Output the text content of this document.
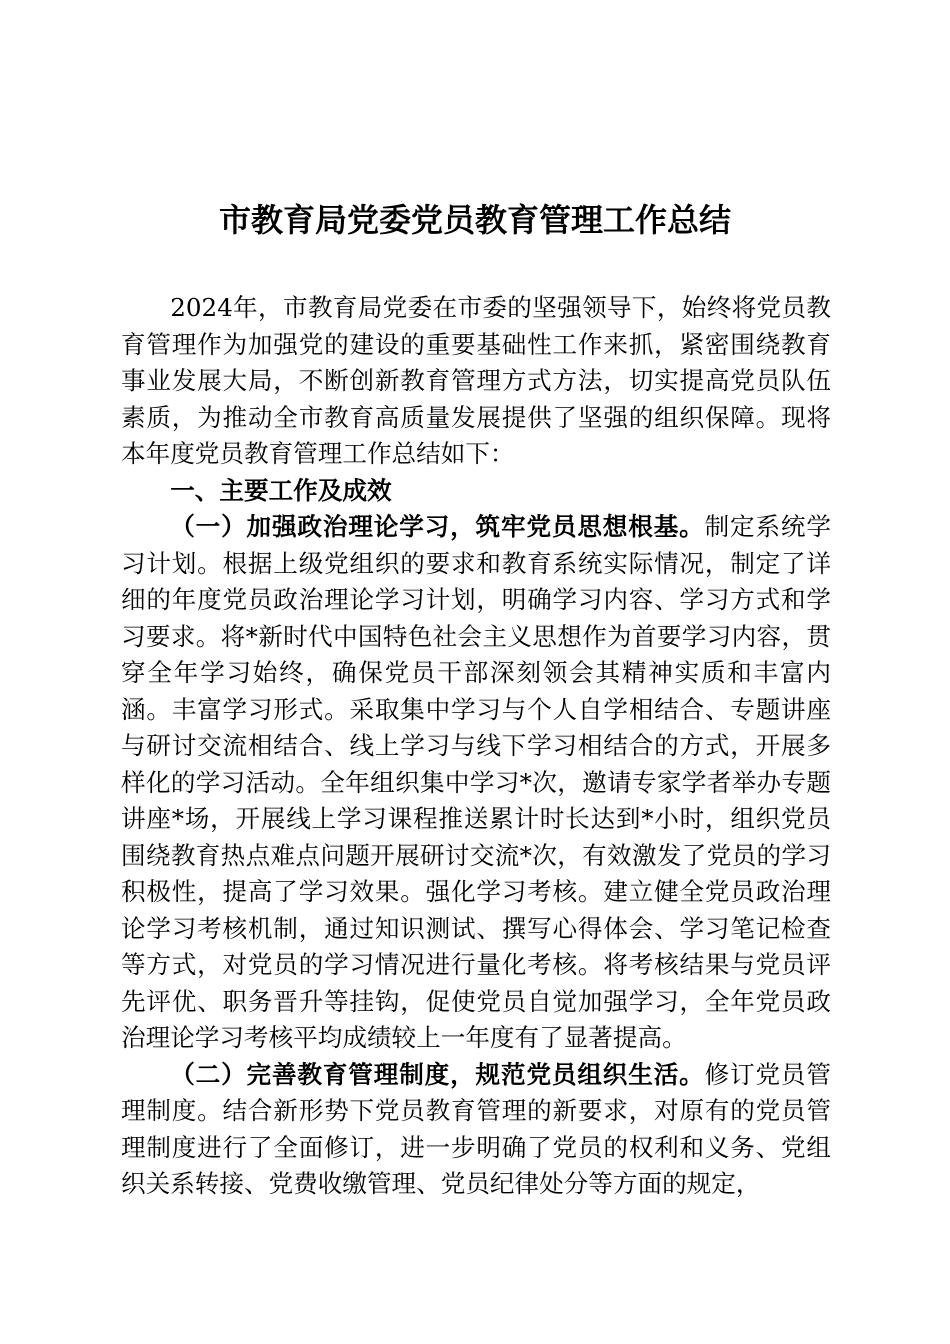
市教育局党委党员教育管理工作总结

2024年，市教育局党委在市委的坚强领导下，始终将党员教育管理作为加强党的建设的重要基础性工作来抓，紧密围绕教育事业发展大局，不断创新教育管理方式方法，切实提高党员队伍素质，为推动全市教育高质量发展提供了坚强的组织保障。现将本年度党员教育管理工作总结如下：

一、主要工作及成效

（一）加强政治理论学习，筑牢党员思想根基。制定系统学习计划。根据上级党组织的要求和教育系统实际情况，制定了详细的年度党员政治理论学习计划，明确学习内容、学习方式和学习要求。将*新时代中国特色社会主义思想作为首要学习内容，贯穿全年学习始终，确保党员干部深刻领会其精神实质和丰富内涵。丰富学习形式。采取集中学习与个人自学相结合、专题讲座与研讨交流相结合、线上学习与线下学习相结合的方式，开展多样化的学习活动。全年组织集中学习*次，邀请专家学者举办专题讲座*场，开展线上学习课程推送累计时长达到*小时，组织党员围绕教育热点难点问题开展研讨交流*次，有效激发了党员的学习积极性，提高了学习效果。强化学习考核。建立健全党员政治理论学习考核机制，通过知识测试、撰写心得体会、学习笔记检查等方式，对党员的学习情况进行量化考核。将考核结果与党员评先评优、职务晋升等挂钩，促使党员自觉加强学习，全年党员政治理论学习考核平均成绩较上一年度有了显著提高。

（二）完善教育管理制度，规范党员组织生活。修订党员管理制度。结合新形势下党员教育管理的新要求，对原有的党员管理制度进行了全面修订，进一步明确了党员的权利和义务、党组织关系转接、党费收缴管理、党员纪律处分等方面的规定，
